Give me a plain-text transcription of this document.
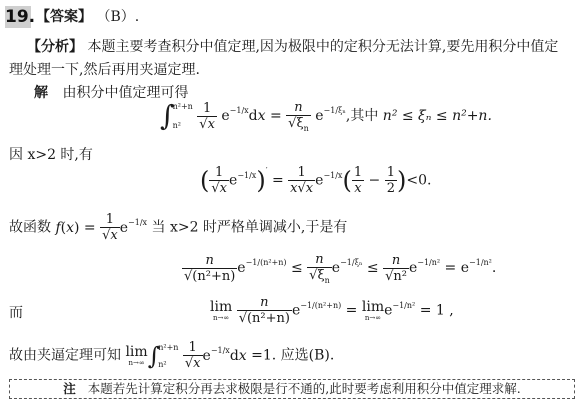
19. 【答案】 （B）.
【分析】 本题主要考查积分中值定理,因为极限中的定积分无法计算,要先用积分中值定
理处理一下,然后再用夹逼定理.
解 由积分中值定理可得
∫
n²+n
n²
	$\frac{1}{√x} e^{-1/x}dx = \frac{n}{√\xi_n} e^{-1/\xi_n}$,其中 n² ≤ ξₙ ≤ n²+n.
因 x>2 时,有
( $\frac{1}{√x} e^{-1/x})' = \frac{1}{x√x} e^{-1/x}( \frac{1}{x} - \frac{1}{2} )<0$.
故函数 $f(x) = \frac{1}{√x} e^{-1/x}$ 当 x>2 时严格单调减小,于是有
$\frac{n}{\text{√(n²+n)}} e^{-1/(n^2+n)} \le \frac{n}{√\xi_n} e^{-1/\xi_n} \le \frac{n}{\text{√n²}} e^{-1/n^2} = e^{-1/n^2}$.
而	lim
n→∞
$\frac{n}{\text{√(n²+n)}} e^{-1/(n^2+n)} = \lim$
n→∞ $e^{-1/n^2} = 1$ ,
故由夹逼定理可知 lim
n→∞ ∫
n²+n
n²
	$\frac{1}{√x} e^{-1/x}dx =1$. 应选(B).
注 本题若先计算定积分再去求极限是行不通的,此时要考虑利用积分中值定理求解.
